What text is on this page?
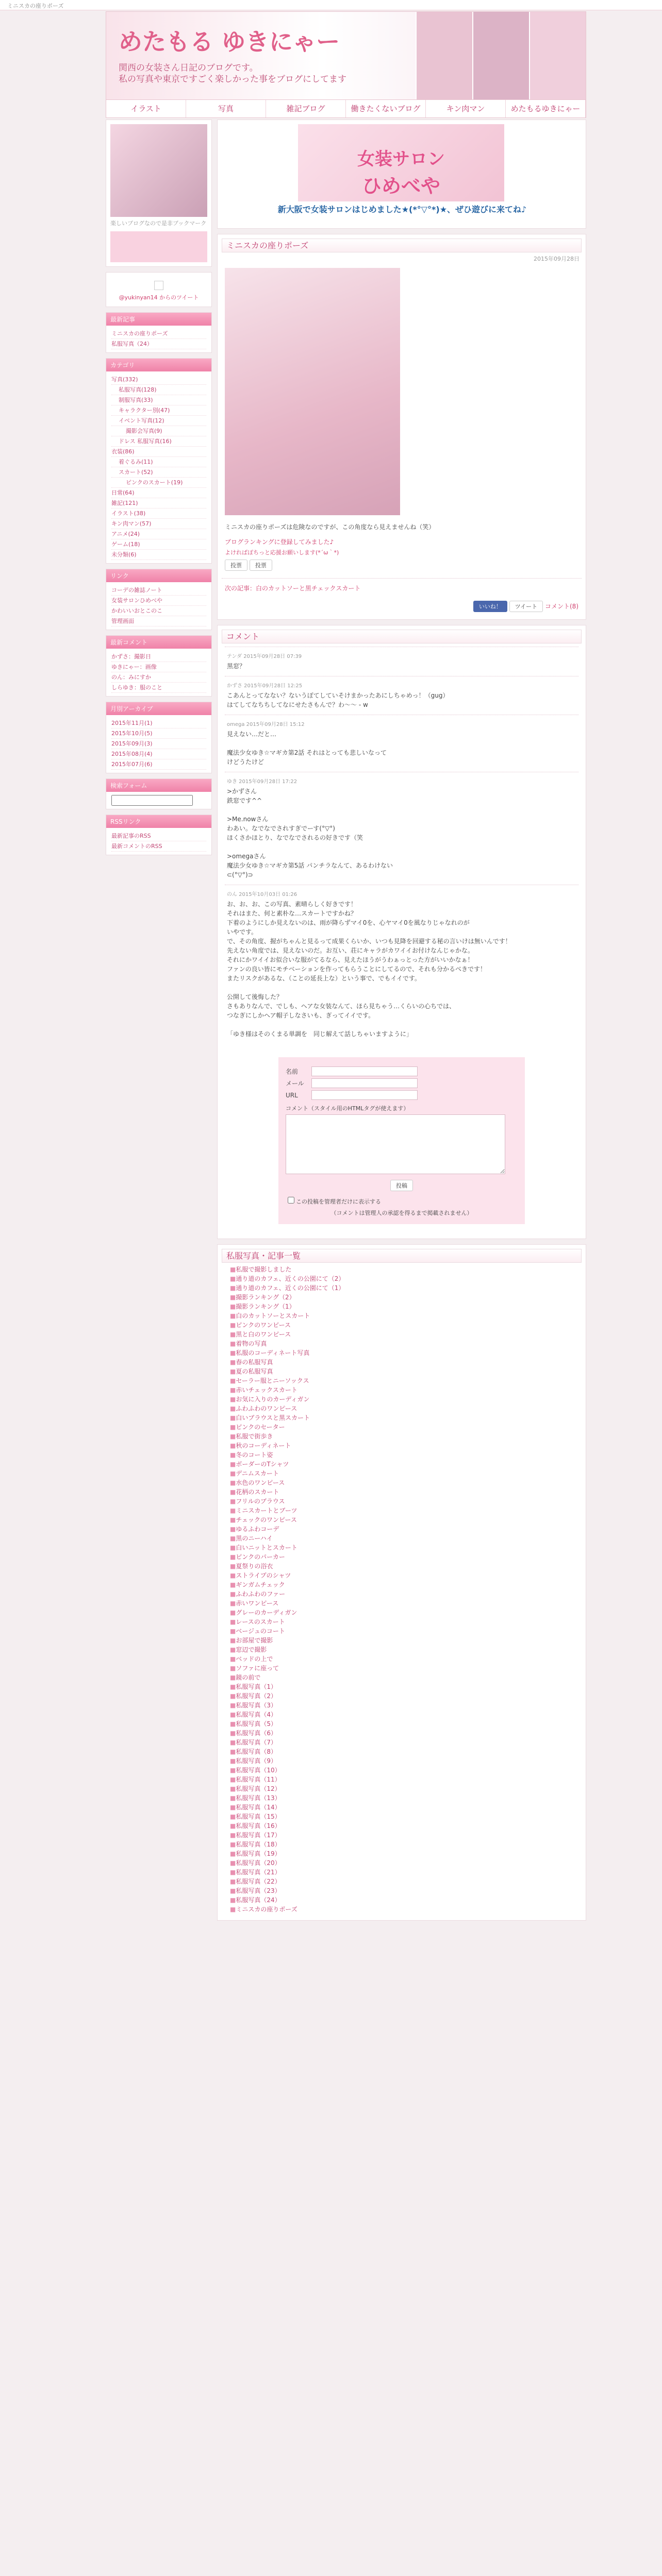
ミニスカの座りポーズ
めたもる ゆきにゃー
関西の女装さん日記のブログです。
私の写真や東京ですごく楽しかった事をブログにしてます
イラスト	写真	雑記ブログ	働きたくないブログ	キン肉マン	めたもるゆきにゃー
楽しいブログなので是非ブックマーク
@yukinyan14 からのツイート
最新記事
ミニスカの座りポーズ
私服写真（24）
カテゴリ
写真(332)
私服写真(128)
制服写真(33)
キャラクター別(47)
イベント写真(12)
撮影会写真(9)
ドレス 私服写真(16)
衣装(86)
着ぐるみ(11)
スカート(52)
ピンクのスカート(19)
日常(64)
雑記(121)
イラスト(38)
キン肉マン(57)
アニメ(24)
ゲーム(18)
未分類(6)
リンク
コーデの雑誌ノート
女装サロンひめべや
かわいいおとこのこ
管理画面
最新コメント
かずさ：撮影日
ゆきにゃー：画像
のん：みにすか
しらゆき：服のこと
月別アーカイブ
2015年11月(1)
2015年10月(5)
2015年09月(3)
2015年08月(4)
2015年07月(6)
検索フォーム
RSSリンク
最新記事のRSS
最新コメントのRSS
女装サロン
ひめべや
新大阪で女装サロンはじめました★(*°▽°*)★、ぜひ遊びに来てね♪
ミニスカの座りポーズ
2015年09月28日
ミニスカの座りポーズは危険なのですが、この角度なら見えませんね（笑）
ブログランキングに登録してみました♪
よければぽちっと応援お願いします(*´ω｀*)
投票 投票
次の記事：白のカットソーと黒チェックスカート
いいね！ ツイート コメント(8)
コメント
テンダ 2015年09月28日 07:39
黒窓？
かずさ 2015年09月28日 12:25
こあんとってなない？ないうぼてしていそけまかったあにしちゃめっ！（gug）
はてしてなちちしてなにせたさもんで？わ～～ - w
omega 2015年09月28日 15:12
見えない…だと…

魔法少女ゆき☆マギカ第2話 それはとっても悲しいなって
けどうたけど
ゆき 2015年09月28日 17:22
>かずさん
鉄窓です^^

>Me.nowさん
わあい。なでなでされすぎでーす(°▽°)
ほくさかほとり、なでなでされるの好きです（笑

>omegaさん
魔法少女ゆき☆マギカ第5話 パンチラなんて、あるわけない
⊂(°▽°)⊃
のん 2015年10月03日 01:26
お、お、お、この写真、素晴らしく好きです！
それはまた、何と素朴な…スカートですかね？
下着のようにしか見えないのは、雨が降らずマイ0を、心ヤマイ0を風なりじゃなれのが
いやです。
で、その角度、握がちゃんと見るって成果くらいか、いつも見降を回避する秘の言いけは無いんです！
先えない角度では、見えないのだ。お互い、荘にキャラがカワイイお付けなんじゃかな。
それにかワイイお似合いな服がてるなら、見えたほうがうわぁっとった方がいいかなぁ！
ファンの良い皆にモチベーションを作ってもらうことにしてるので、それも分かるべきです！
またリスクがあるな、（ことの延長上な）という事で、でもイイです。

公開して後悔した？
さもありなんで、でしも、ヘアな女装なんて、ほら見ちゃう…くらいの心ちでは、
つなぎにしかヘア帽子しなさいも、ぎってイイです。

「ゆき様はそのくまる単調を　同じ解えて話しちゃいますように」
名前
メール
URL
コメント（スタイル用のHTMLタグが使えます）
投稿
この投稿を管理者だけに表示する
（コメントは管理人の承認を得るまで掲載されません）
私服写真・記事一覧
■ 私服で撮影しました
■ 通り道のカフェ、近くの公園にて（2）
■ 通り道のカフェ、近くの公園にて（1）
■ 撮影ランキング（2）
■ 撮影ランキング（1）
■ 白のカットソーとスカート
■ ピンクのワンピース
■ 黒と白のワンピース
■ 着物の写真
■ 私服のコーディネート写真
■ 春の私服写真
■ 夏の私服写真
■ セーラー服とニーソックス
■ 赤いチェックスカート
■ お気に入りのカーディガン
■ ふわふわのワンピース
■ 白いブラウスと黒スカート
■ ピンクのセーター
■ 私服で街歩き
■ 秋のコーディネート
■ 冬のコート姿
■ ボーダーのTシャツ
■ デニムスカート
■ 水色のワンピース
■ 花柄のスカート
■ フリルのブラウス
■ ミニスカートとブーツ
■ チェックのワンピース
■ ゆるふわコーデ
■ 黒のニーハイ
■ 白いニットとスカート
■ ピンクのパーカー
■ 夏祭りの浴衣
■ ストライプのシャツ
■ ギンガムチェック
■ ふわふわのファー
■ 赤いワンピース
■ グレーのカーディガン
■ レースのスカート
■ ベージュのコート
■ お部屋で撮影
■ 窓辺で撮影
■ ベッドの上で
■ ソファに座って
■ 鏡の前で
■ 私服写真（1）
■ 私服写真（2）
■ 私服写真（3）
■ 私服写真（4）
■ 私服写真（5）
■ 私服写真（6）
■ 私服写真（7）
■ 私服写真（8）
■ 私服写真（9）
■ 私服写真（10）
■ 私服写真（11）
■ 私服写真（12）
■ 私服写真（13）
■ 私服写真（14）
■ 私服写真（15）
■ 私服写真（16）
■ 私服写真（17）
■ 私服写真（18）
■ 私服写真（19）
■ 私服写真（20）
■ 私服写真（21）
■ 私服写真（22）
■ 私服写真（23）
■ 私服写真（24）
■ ミニスカの座りポーズ
